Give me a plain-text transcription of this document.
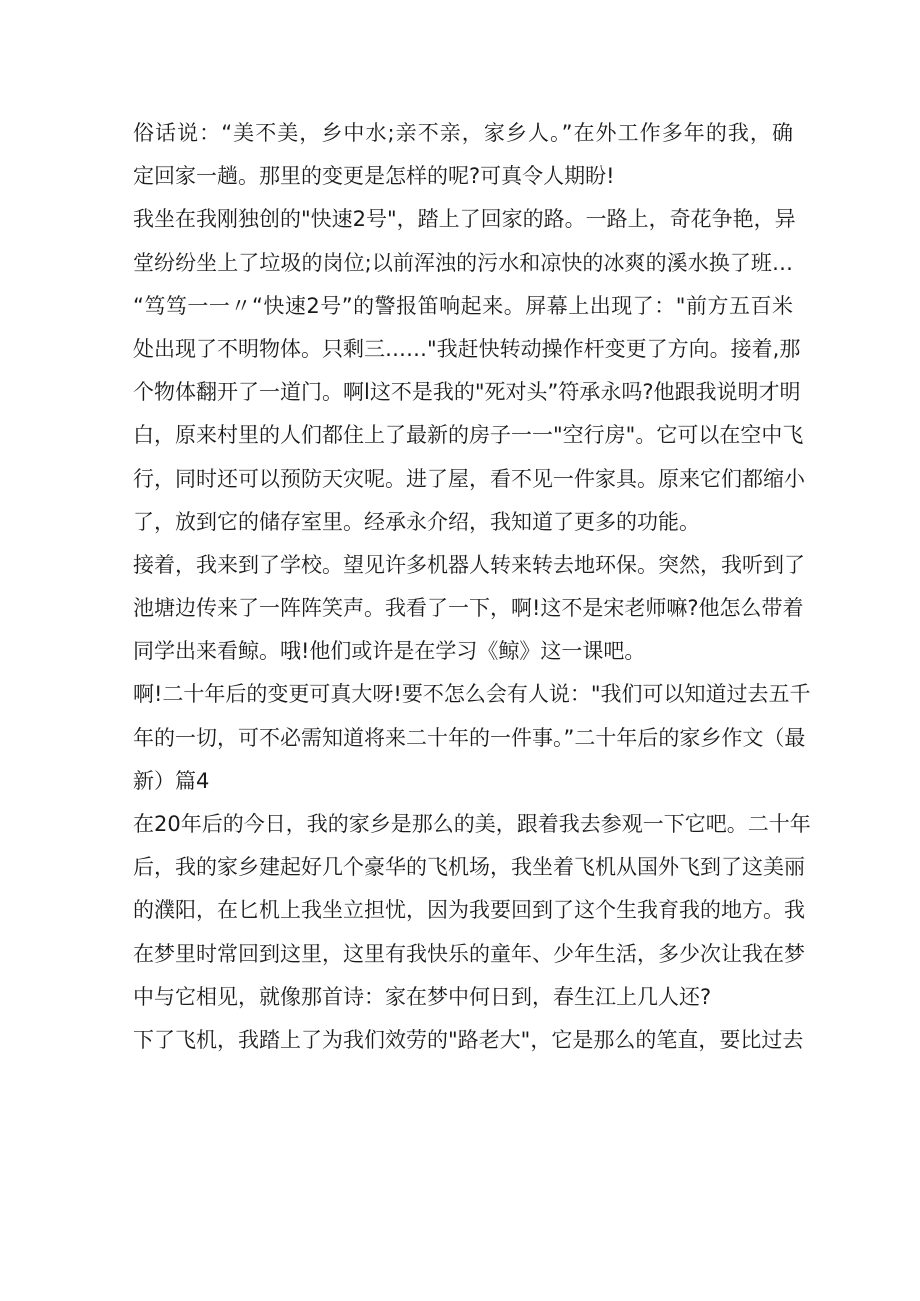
俗话说：“美不美，乡中水;亲不亲，家乡人。”在外工作多年的我，确
定回家一趟。那里的变更是怎样的呢?可真令人期盼!

我坐在我刚独创的"快速2号"，踏上了回家的路。一路上，奇花争艳，异
堂纷纷坐上了垃圾的岗位;以前浑浊的污水和凉快的冰爽的溪水换了班…

“笃笃一一〃“快速2号”的警报笛响起来。屏幕上出现了："前方五百米
处出现了不明物体。只剩三……"我赶快转动操作杆变更了方向。接着,那
个物体翻开了一道门。啊l这不是我的"死对头”符承永吗?他跟我说明才明
白，原来村里的人们都住上了最新的房子一一"空行房"。它可以在空中飞
行，同时还可以预防天灾呢。进了屋，看不见一件家具。原来它们都缩小
了，放到它的储存室里。经承永介绍，我知道了更多的功能。

接着，我来到了学校。望见许多机器人转来转去地环保。突然，我听到了
池塘边传来了一阵阵笑声。我看了一下，啊!这不是宋老师嘛?他怎么带着
同学出来看鲸。哦!他们或许是在学习《鲸》这一课吧。

啊!二十年后的变更可真大呀!要不怎么会有人说："我们可以知道过去五千
年的一切，可不必需知道将来二十年的一件事。”二十年后的家乡作文（最
新）篇4

在20年后的今日，我的家乡是那么的美，跟着我去参观一下它吧。二十年
后，我的家乡建起好几个豪华的飞机场，我坐着飞机从国外飞到了这美丽
的濮阳，在匕机上我坐立担忧，因为我要回到了这个生我育我的地方。我
在梦里时常回到这里，这里有我快乐的童年、少年生活，多少次让我在梦
中与它相见，就像那首诗：家在梦中何日到，春生江上几人还?

下了飞机，我踏上了为我们效劳的"路老大"，它是那么的笔直，要比过去
